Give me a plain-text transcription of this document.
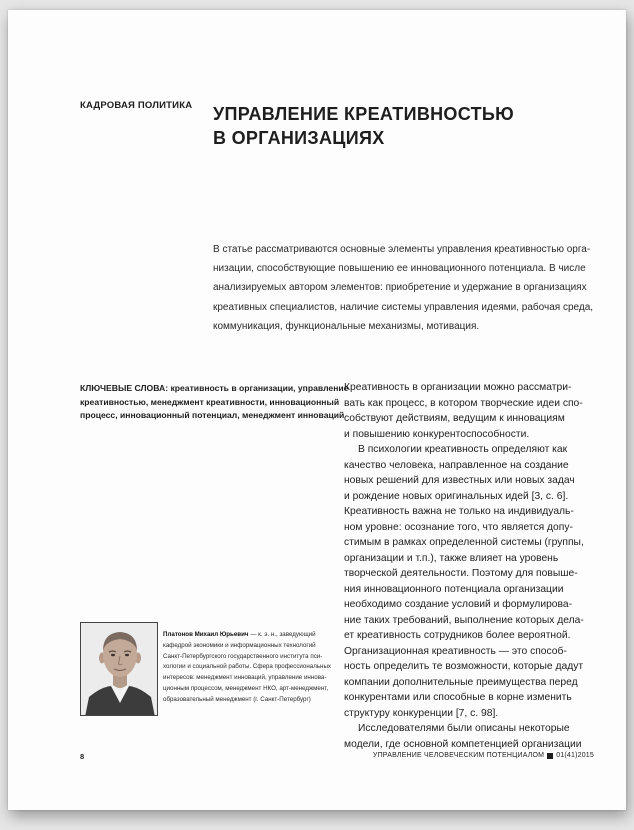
КАДРОВАЯ ПОЛИТИКА УПРАВЛЕНИЕ КРЕАТИВНОСТЬЮ
В ОРГАНИЗАЦИЯХ

В статье рассматриваются основные элементы управления креативностью орга-

низации, способствующие повышению ее инновационного потенциала. В числе

анализируемых автором элементов: приобретение и удержание в организациях

креативных специалистов, наличие системы управления идеями, рабочая среда,

коммуникация, функциональные механизмы, мотивация.

КЛЮЧЕВЫЕ СЛОВА: креативность в организации, управление

креативностью, менеджмент креативности, инновационный

процесс, инновационный потенциал, менеджмент инноваций

Креативность в организации можно рассматри-

вать как процесс, в котором творческие идеи спо-

собствуют действиям, ведущим к инновациям

и повышению конкурентоспособности.

В психологии креативность определяют как

качество человека, направленное на создание

новых решений для известных или новых задач

и рождение новых оригинальных идей [3, с. 6].

Креативность важна не только на индивидуаль-

ном уровне: осознание того, что является допу-

стимым в рамках определенной системы (группы,

организации и т.п.), также влияет на уровень

творческой деятельности. Поэтому для повыше-

ния инновационного потенциала организации

необходимо создание условий и формулирова-

ние таких требований, выполнение которых дела-

ет креативность сотрудников более вероятной.

Организационная креативность — это способ-

ность определить те возможности, которые дадут

компании дополнительные преимущества перед

конкурентами или способные в корне изменить

структуру конкуренции [7, с. 98].

Исследователями были описаны некоторые

модели, где основной компетенцией организации

Платонов Михаил Юрьевич — к. э. н., заведующий

кафедрой экономики и информационных технологий

Санкт-Петербургского государственного института пси-

хологии и социальной работы. Сфера профессиональных

интересов: менеджмент инноваций, управление иннова-

ционным процессом, менеджмент НКО, арт-менеджмент,

образовательный менеджмент (г. Санкт-Петербург)

8	УПРАВЛЕНИЕ ЧЕЛОВЕЧЕСКИМ ПОТЕНЦИАЛОМ 01(41)2015
